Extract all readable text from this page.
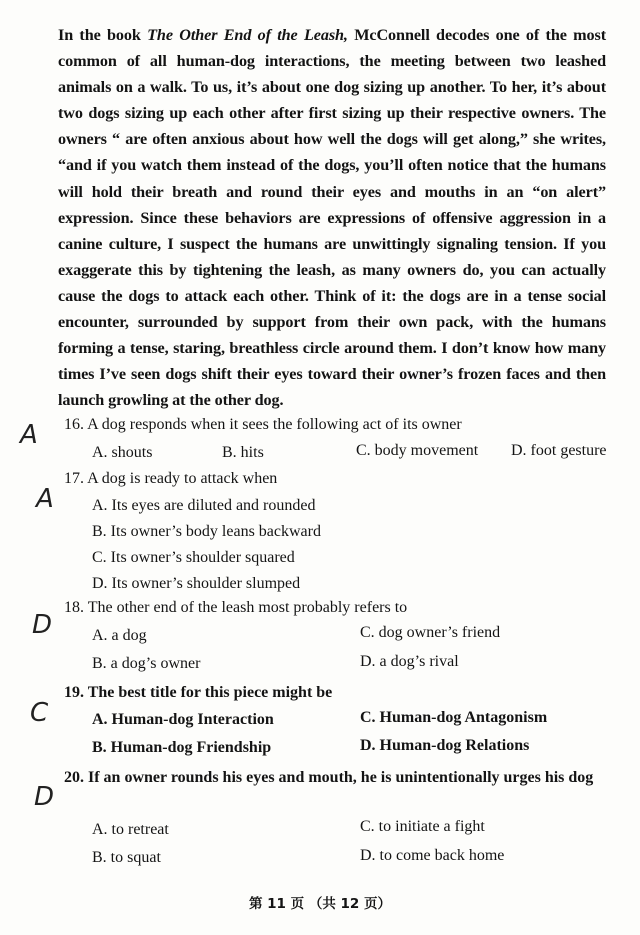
In the book The Other End of the Leash, McConnell decodes one of the most common of all human-dog interactions, the meeting between two leashed animals on a walk. To us, it’s about one dog sizing up another. To her, it’s about two dogs sizing up each other after first sizing up their respective owners. The owners “ are often anxious about how well the dogs will get along,” she writes, “and if you watch them instead of the dogs, you’ll often notice that the humans will hold their breath and round their eyes and mouths in an “on alert” expression. Since these behaviors are expressions of offensive aggression in a canine culture, I suspect the humans are unwittingly signaling tension. If you exaggerate this by tightening the leash, as many owners do, you can actually cause the dogs to attack each other. Think of it: the dogs are in a tense social encounter, surrounded by support from their own pack, with the humans forming a tense, staring, breathless circle around them. I don’t know how many times I’ve seen dogs shift their eyes toward their owner’s frozen faces and then launch growling at the other dog.
A 16. A dog responds when it sees the following act of its owner
A. shouts	B. hits	C. body movement D. foot gesture
A
17. A dog is ready to attack when
A. Its eyes are diluted and rounded
B. Its owner’s body leans backward
C. Its owner’s shoulder squared
D. Its owner’s shoulder slumped
D
18. The other end of the leash most probably refers to
A. a dog	C. dog owner’s friend
B. a dog’s owner	D. a dog’s rival
C
19. The best title for this piece might be
A. Human-dog Interaction	C. Human-dog Antagonism
B. Human-dog Friendship	D. Human-dog Relations
D
20. If an owner rounds his eyes and mouth, he is unintentionally urges his dog
A. to retreat	C. to initiate a fight
B. to squat	D. to come back home
第 11 页 （共 12 页）
